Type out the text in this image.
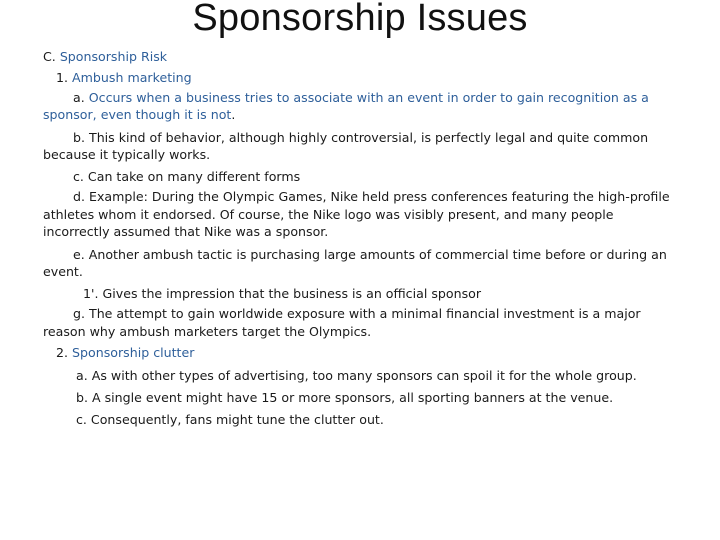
Sponsorship Issues

C. Sponsorship Risk

1. Ambush marketing

a. Occurs when a business tries to associate with an event in order to gain recognition as a sponsor, even though it is not.

b. This kind of behavior, although highly controversial, is perfectly legal and quite common because it typically works.

c. Can take on many different forms

d. Example: During the Olympic Games, Nike held press conferences featuring the high-profile athletes whom it endorsed. Of course, the Nike logo was visibly present, and many people incorrectly assumed that Nike was a sponsor.

e. Another ambush tactic is purchasing large amounts of commercial time before or during an event.

1'. Gives the impression that the business is an official sponsor

g. The attempt to gain worldwide exposure with a minimal financial investment is a major reason why ambush marketers target the Olympics.

2. Sponsorship clutter

a. As with other types of advertising, too many sponsors can spoil it for the whole group.

b. A single event might have 15 or more sponsors, all sporting banners at the venue.

c. Consequently, fans might tune the clutter out.
